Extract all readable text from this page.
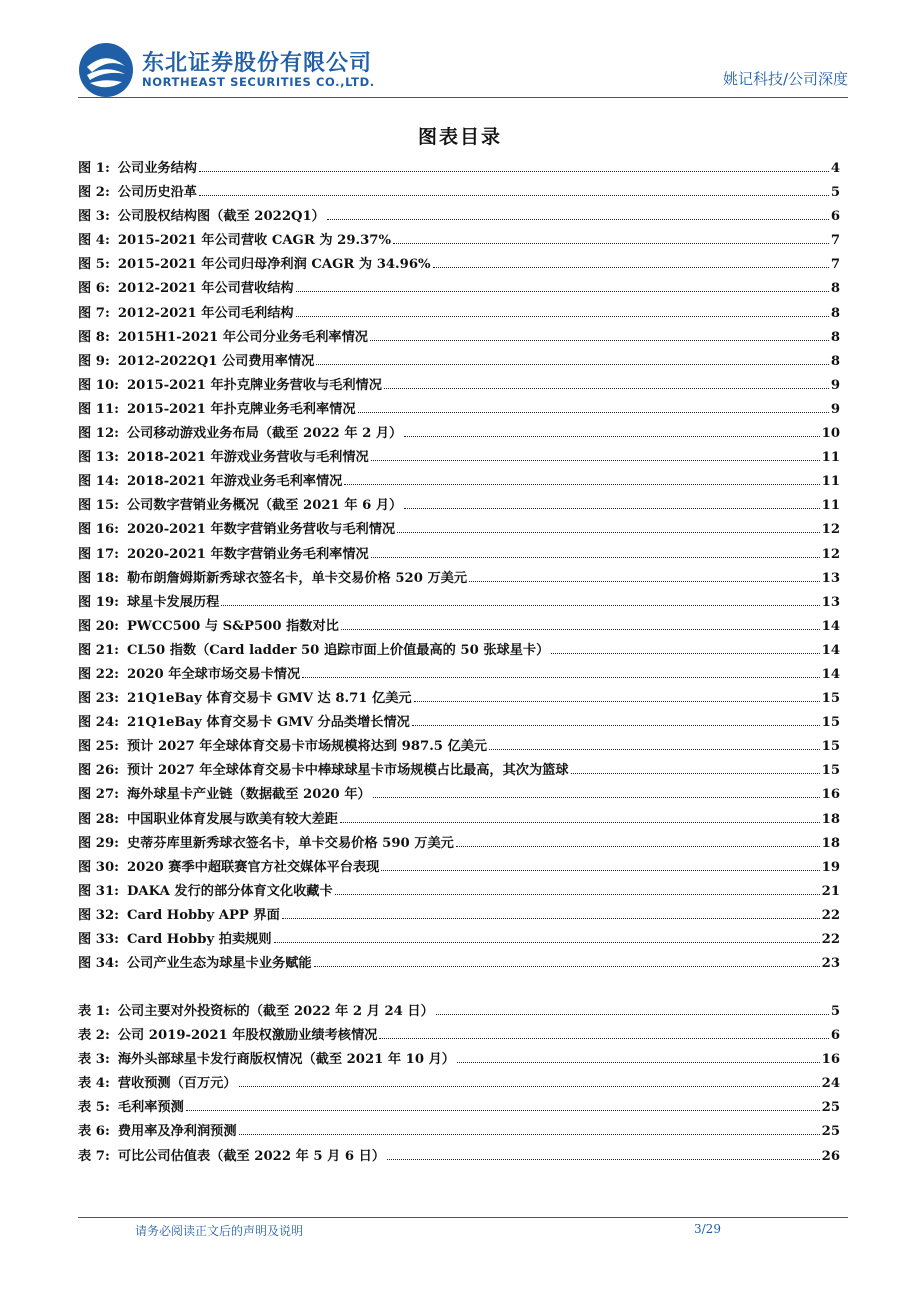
东北证券股份有限公司
NORTHEAST SECURITIES CO.,LTD.	姚记科技/公司深度
图表目录
图 1: 公司业务结构	4
图 2: 公司历史沿革	5
图 3: 公司股权结构图（截至 2022Q1）	6
图 4: 2015-2021 年公司营收 CAGR 为 29.37%	7
图 5: 2015-2021 年公司归母净利润 CAGR 为 34.96%	7
图 6: 2012-2021 年公司营收结构	8
图 7: 2012-2021 年公司毛利结构	8
图 8: 2015H1-2021 年公司分业务毛利率情况	8
图 9: 2012-2022Q1 公司费用率情况	8
图 10: 2015-2021 年扑克牌业务营收与毛利情况	9
图 11: 2015-2021 年扑克牌业务毛利率情况	9
图 12: 公司移动游戏业务布局（截至 2022 年 2 月）	10
图 13: 2018-2021 年游戏业务营收与毛利情况	11
图 14: 2018-2021 年游戏业务毛利率情况	11
图 15: 公司数字营销业务概况（截至 2021 年 6 月）	11
图 16: 2020-2021 年数字营销业务营收与毛利情况	12
图 17: 2020-2021 年数字营销业务毛利率情况	12
图 18: 勒布朗詹姆斯新秀球衣签名卡，单卡交易价格 520 万美元	13
图 19: 球星卡发展历程	13
图 20: PWCC500 与 S&P500 指数对比	14
图 21: CL50 指数（Card ladder 50 追踪市面上价值最高的 50 张球星卡）	14
图 22: 2020 年全球市场交易卡情况	14
图 23: 21Q1eBay 体育交易卡 GMV 达 8.71 亿美元	15
图 24: 21Q1eBay 体育交易卡 GMV 分品类增长情况	15
图 25: 预计 2027 年全球体育交易卡市场规模将达到 987.5 亿美元	15
图 26: 预计 2027 年全球体育交易卡中棒球球星卡市场规模占比最高，其次为篮球	15
图 27: 海外球星卡产业链（数据截至 2020 年）	16
图 28: 中国职业体育发展与欧美有较大差距	18
图 29: 史蒂芬库里新秀球衣签名卡，单卡交易价格 590 万美元	18
图 30: 2020 赛季中超联赛官方社交媒体平台表现	19
图 31: DAKA 发行的部分体育文化收藏卡	21
图 32: Card Hobby APP 界面	22
图 33: Card Hobby 拍卖规则	22
图 34: 公司产业生态为球星卡业务赋能	23
表 1: 公司主要对外投资标的（截至 2022 年 2 月 24 日）	5
表 2: 公司 2019-2021 年股权激励业绩考核情况	6
表 3: 海外头部球星卡发行商版权情况（截至 2021 年 10 月）	16
表 4: 营收预测（百万元）	24
表 5: 毛利率预测	25
表 6: 费用率及净利润预测	25
表 7: 可比公司估值表（截至 2022 年 5 月 6 日）	26
请务必阅读正文后的声明及说明	3/29
